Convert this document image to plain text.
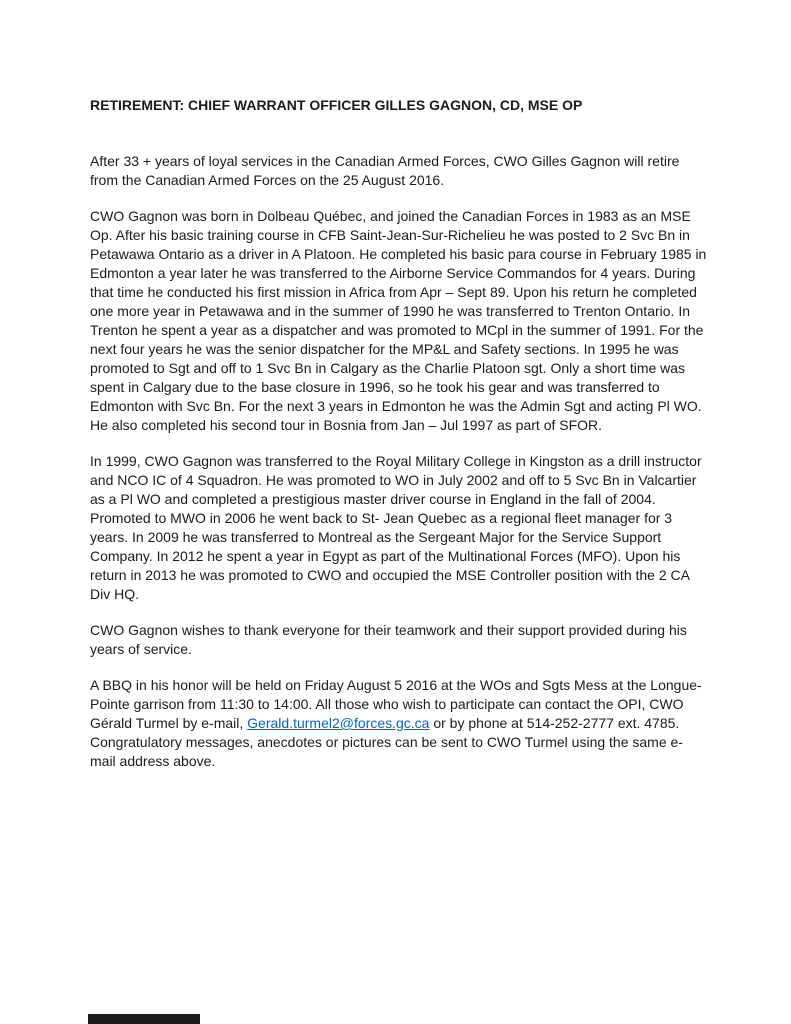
RETIREMENT: CHIEF WARRANT OFFICER GILLES GAGNON, CD, MSE OP

After 33 + years of loyal services in the Canadian Armed Forces, CWO Gilles Gagnon will retire from the Canadian Armed Forces on the 25 August 2016.

CWO Gagnon was born in Dolbeau Québec, and joined the Canadian Forces in 1983 as an MSE Op. After his basic training course in CFB Saint-Jean-Sur-Richelieu he was posted to 2 Svc Bn in Petawawa Ontario as a driver in A Platoon. He completed his basic para course in February 1985 in Edmonton a year later he was transferred to the Airborne Service Commandos for 4 years. During that time he conducted his first mission in Africa from Apr – Sept 89. Upon his return he completed one more year in Petawawa and in the summer of 1990 he was transferred to Trenton Ontario. In Trenton he spent a year as a dispatcher and was promoted to MCpl in the summer of 1991. For the next four years he was the senior dispatcher for the MP&L and Safety sections. In 1995 he was promoted to Sgt and off to 1 Svc Bn in Calgary as the Charlie Platoon sgt. Only a short time was spent in Calgary due to the base closure in 1996, so he took his gear and was transferred to Edmonton with Svc Bn. For the next 3 years in Edmonton he was the Admin Sgt and acting Pl WO. He also completed his second tour in Bosnia from Jan – Jul 1997 as part of SFOR.

In 1999, CWO Gagnon was transferred to the Royal Military College in Kingston as a drill instructor and NCO IC of 4 Squadron. He was promoted to WO in July 2002 and off to 5 Svc Bn in Valcartier as a Pl WO and completed a prestigious master driver course in England in the fall of 2004. Promoted to MWO in 2006 he went back to St- Jean Quebec as a regional fleet manager for 3 years. In 2009 he was transferred to Montreal as the Sergeant Major for the Service Support Company. In 2012 he spent a year in Egypt as part of the Multinational Forces (MFO). Upon his return in 2013 he was promoted to CWO and occupied the MSE Controller position with the 2 CA Div HQ.

CWO Gagnon wishes to thank everyone for their teamwork and their support provided during his years of service.

A BBQ in his honor will be held on Friday August 5 2016 at the WOs and Sgts Mess at the Longue-Pointe garrison from 11:30 to 14:00. All those who wish to participate can contact the OPI, CWO Gérald Turmel by e-mail, Gerald.turmel2@forces.gc.ca or by phone at 514-252-2777 ext. 4785. Congratulatory messages, anecdotes or pictures can be sent to CWO Turmel using the same e-mail address above.
